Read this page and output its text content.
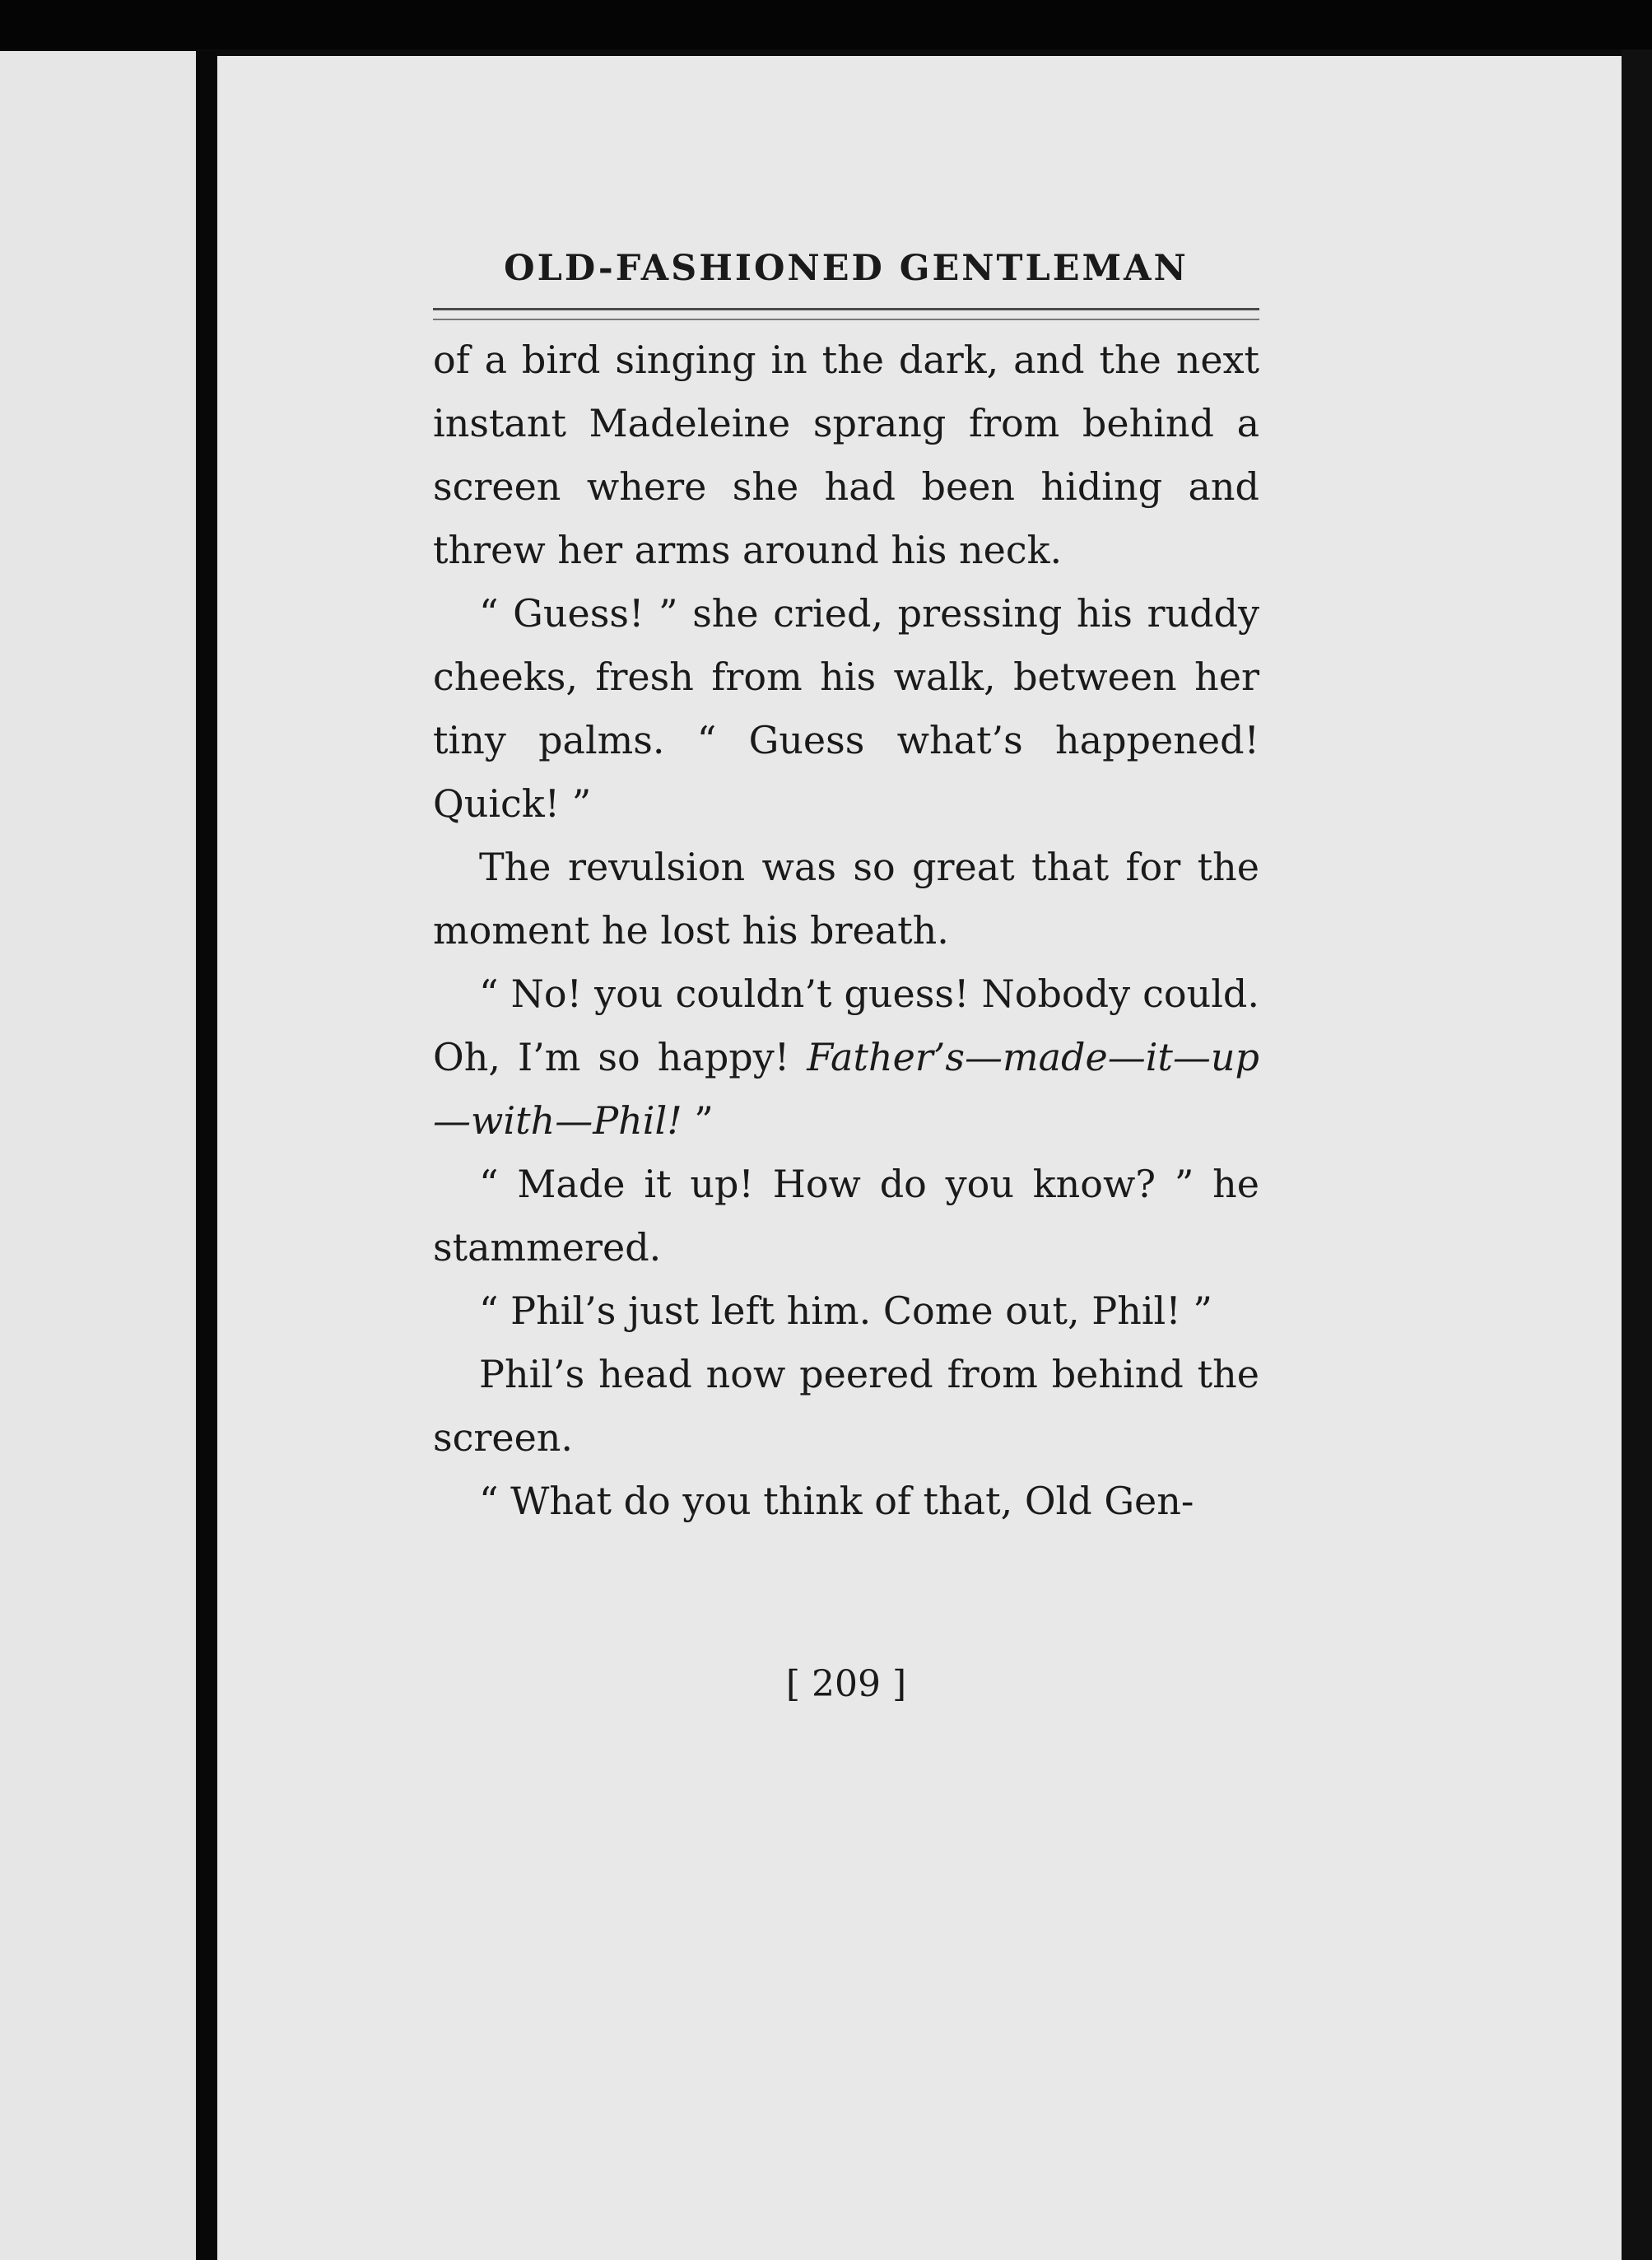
OLD-FASHIONED GENTLEMAN

of a bird singing in the dark, and the next instant Madeleine sprang from behind a screen where she had been hiding and threw her arms around his neck.

“ Guess! ” she cried, pressing his ruddy cheeks, fresh from his walk, between her tiny palms. “ Guess what’s happened! Quick! ”

The revulsion was so great that for the moment he lost his breath.

“ No! you couldn’t guess! Nobody could. Oh, I’m so happy! Father’s—made—it—up—with—Phil! ”

“ Made it up! How do you know? ” he stammered.

“ Phil’s just left him. Come out, Phil! ”

Phil’s head now peered from behind the screen.

“ What do you think of that, Old Gen-

[ 209 ]
